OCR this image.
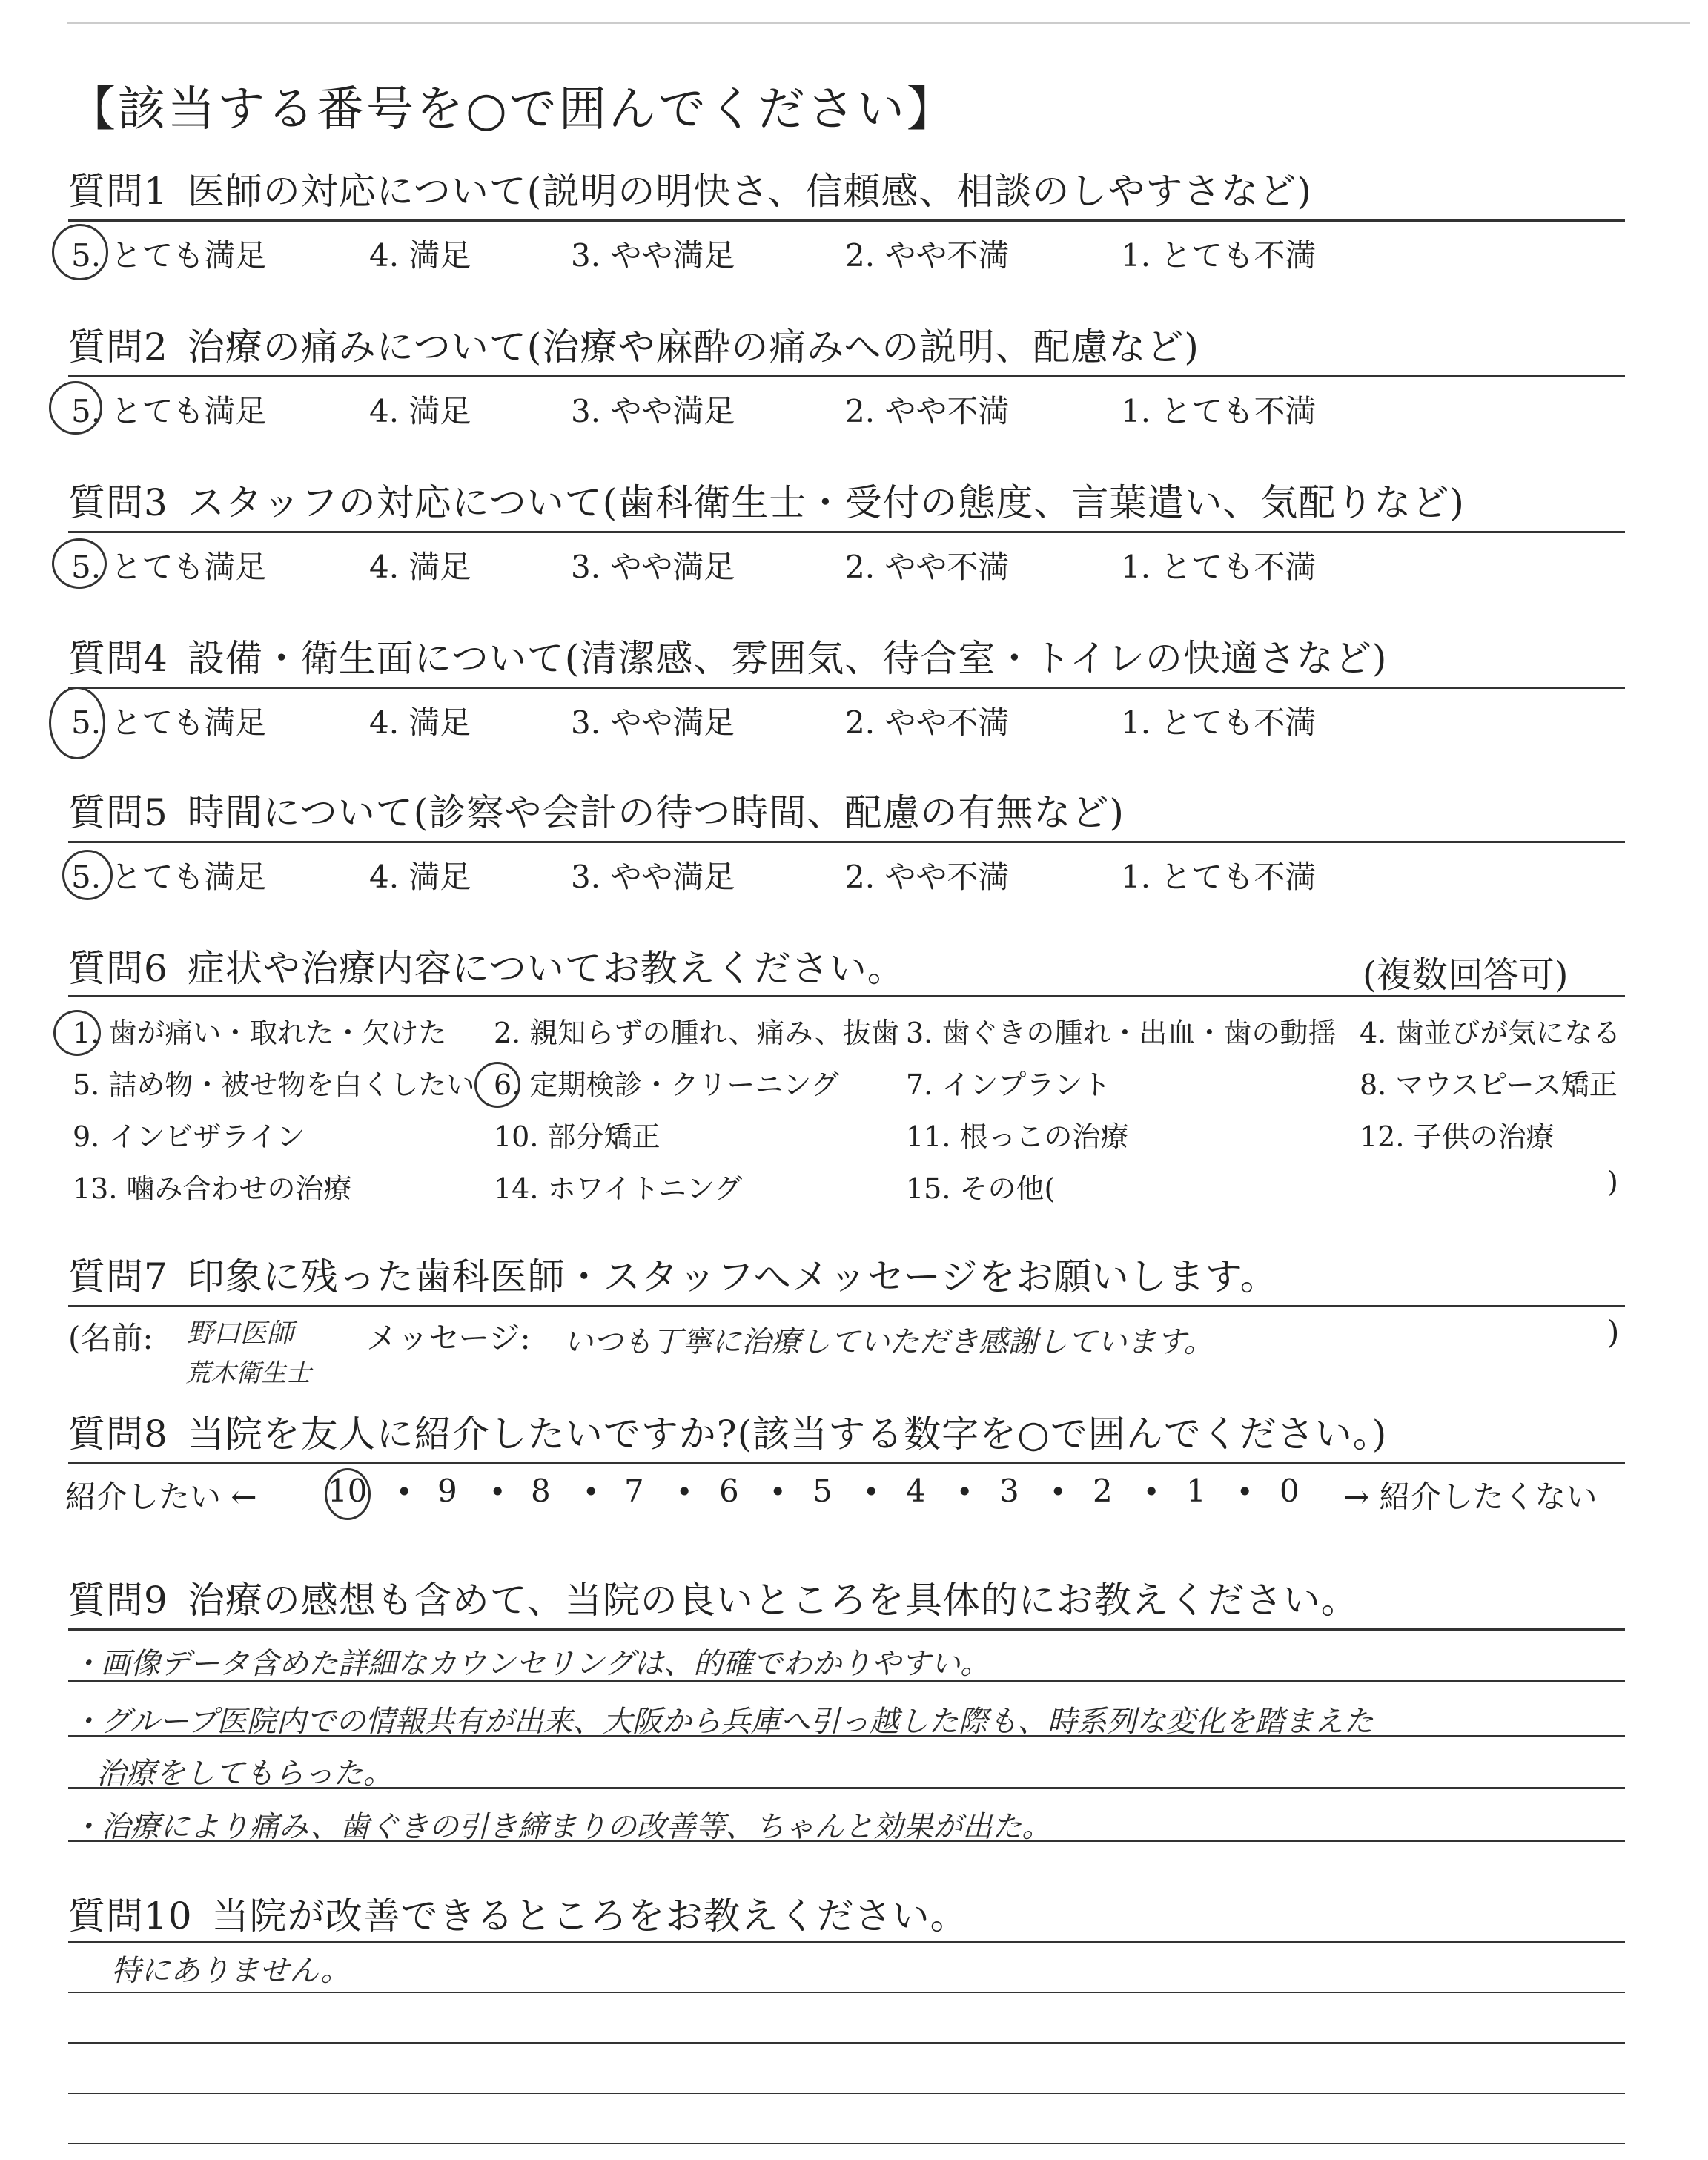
【該当する番号を○で囲んでください】
質問1 医師の対応について(説明の明快さ、信頼感、相談のしやすさなど)
5. とても満足	4. 満足	3. やや満足	2. やや不満	1. とても不満
質問2 治療の痛みについて(治療や麻酔の痛みへの説明、配慮など)
5. とても満足	4. 満足	3. やや満足	2. やや不満	1. とても不満
質問3 スタッフの対応について(歯科衛生士・受付の態度、言葉遣い、気配りなど)
5. とても満足	4. 満足	3. やや満足	2. やや不満	1. とても不満
質問4 設備・衛生面について(清潔感、雰囲気、待合室・トイレの快適さなど)
5. とても満足	4. 満足	3. やや満足	2. やや不満	1. とても不満
質問5 時間について(診察や会計の待つ時間、配慮の有無など)
5. とても満足	4. 満足	3. やや満足	2. やや不満	1. とても不満
質問6 症状や治療内容についてお教えください。	(複数回答可)
1. 歯が痛い・取れた・欠けた 2. 親知らずの腫れ、痛み、抜歯 3. 歯ぐきの腫れ・出血・歯の動揺 4. 歯並びが気になる
5. 詰め物・被せ物を白くしたい 6. 定期検診・クリーニング 7. インプラント	8. マウスピース矯正
9. インビザライン	10. 部分矯正	11. 根っこの治療	12. 子供の治療
13. 噛み合わせの治療	14. ホワイトニング	15. その他(	)
質問7 印象に残った歯科医師・スタッフへメッセージをお願いします。
(名前: 野口医師
荒木衛生士
メッセージ: いつも丁寧に治療していただき感謝しています。	)
質問8 当院を友人に紹介したいですか?(該当する数字を○で囲んでください。)
紹介したい ←	→ 紹介したくない
10 • 9 • 8 • 7 • 6 • 5 • 4 • 3 • 2 • 1 • 0
質問9 治療の感想も含めて、当院の良いところを具体的にお教えください。
・画像データ含めた詳細なカウンセリングは、的確でわかりやすい。
・グループ医院内での情報共有が出来、大阪から兵庫へ引っ越した際も、時系列な変化を踏まえた
治療をしてもらった。
・治療により痛み、歯ぐきの引き締まりの改善等、ちゃんと効果が出た。
質問10 当院が改善できるところをお教えください。
特にありません。
